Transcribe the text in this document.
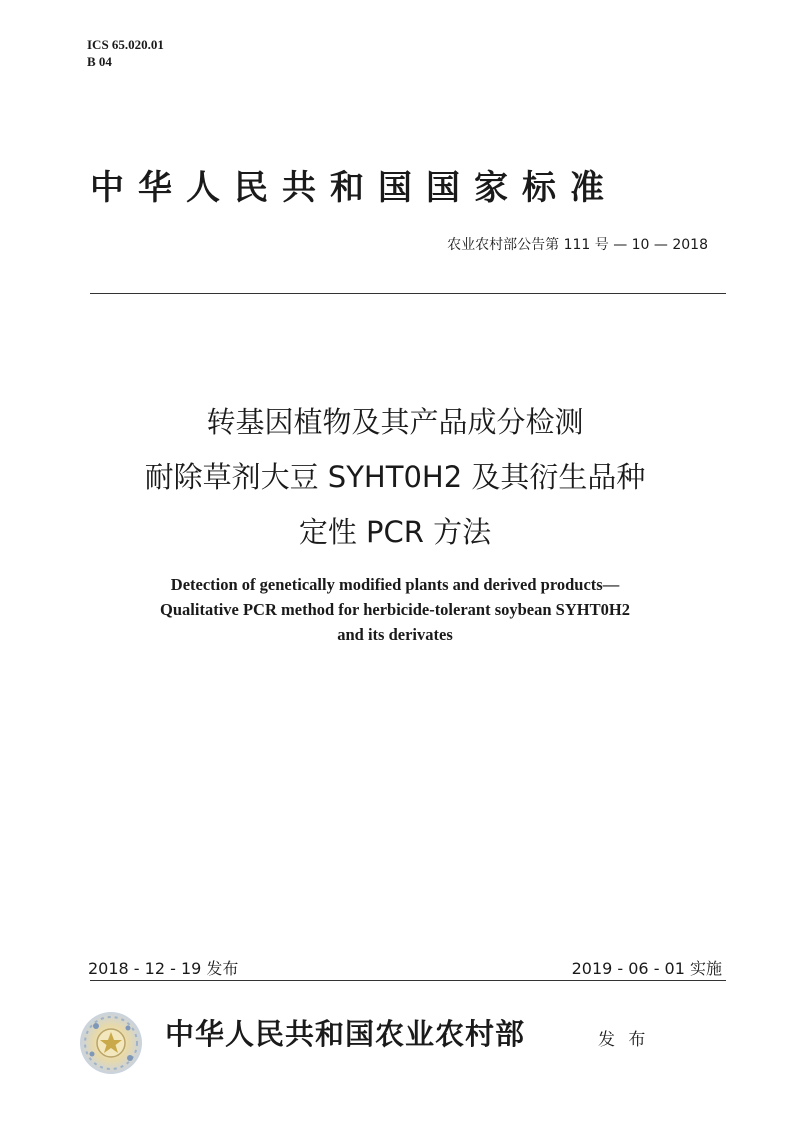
ICS 65.020.01
B 04
中华人民共和国国家标准
农业农村部公告第 111 号 — 10 — 2018
转基因植物及其产品成分检测
耐除草剂大豆 SYHT0H2 及其衍生品种
定性 PCR 方法
Detection of genetically modified plants and derived products—
Qualitative PCR method for herbicide-tolerant soybean SYHT0H2
and its derivates
2018 - 12 - 19 发布	2019 - 06 - 01 实施
中华人民共和国农业农村部	发 布
